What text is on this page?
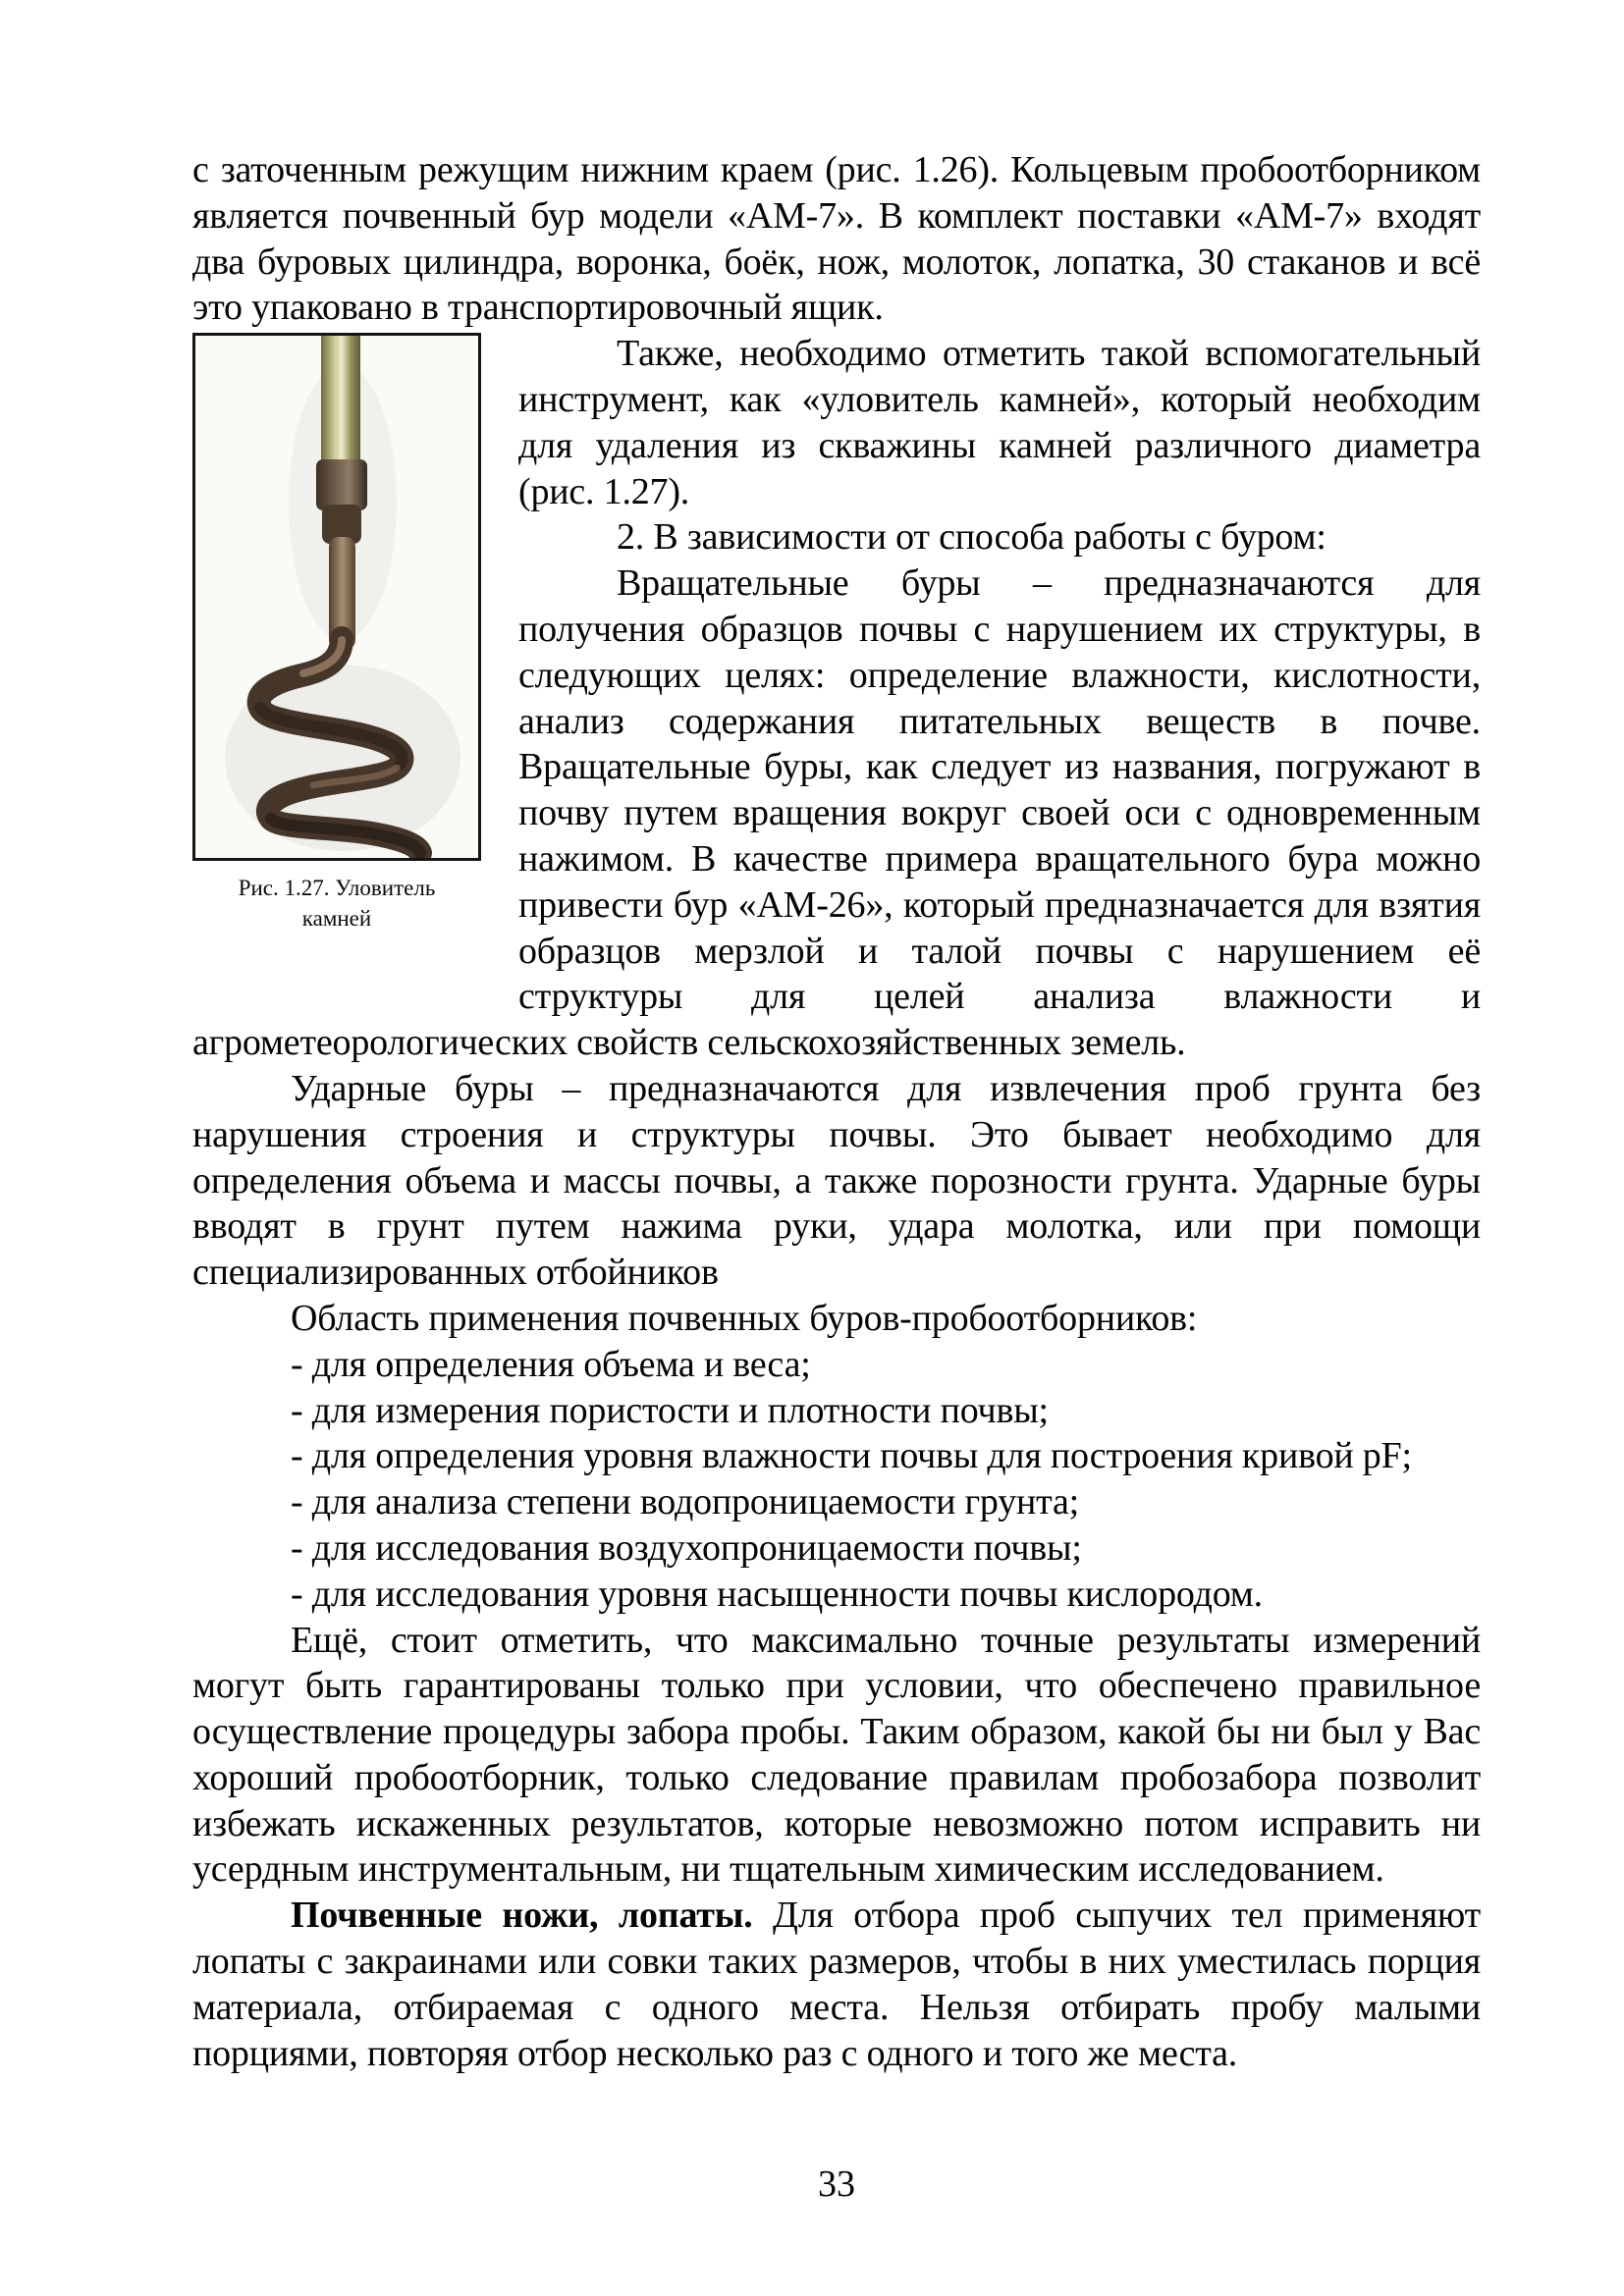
с заточенным режущим нижним краем (рис. 1.26). Кольцевым пробоотборником является почвенный бур модели «АМ-7». В комплект поставки «АМ-7» входят два буровых цилиндра, воронка, боёк, нож, молоток, лопатка, 30 стаканов и всё это упаковано в транспортировочный ящик.

Рис. 1.27. Уловитель
камней

Также, необходимо отметить такой вспомогательный инструмент, как «уловитель камней», который необходим для удаления из скважины камней различного диаметра (рис. 1.27).

2. В зависимости от способа работы с буром:

Вращательные буры – предназначаются для получения образцов почвы с нарушением их структуры, в следующих целях: определение влажности, кислотности, анализ содержания питательных веществ в почве. Вращательные буры, как следует из названия, погружают в почву путем вращения вокруг своей оси с одновременным нажимом. В качестве примера вращательного бура можно привести бур «АМ-26», который предназначается для взятия образцов мерзлой и талой почвы с нарушением её структуры для целей анализа влажности и агрометеорологических свойств сельскохозяйственных земель.

Ударные буры – предназначаются для извлечения проб грунта без нарушения строения и структуры почвы. Это бывает необходимо для определения объема и массы почвы, а также порозности грунта. Ударные буры вводят в грунт путем нажима руки, удара молотка, или при помощи специализированных отбойников

Область применения почвенных буров-пробоотборников:

- для определения объема и веса;

- для измерения пористости и плотности почвы;

- для определения уровня влажности почвы для построения кривой pF;

- для анализа степени водопроницаемости грунта;

- для исследования воздухопроницаемости почвы;

- для исследования уровня насыщенности почвы кислородом.

Ещё, стоит отметить, что максимально точные результаты измерений могут быть гарантированы только при условии, что обеспечено правильное осуществление процедуры забора пробы. Таким образом, какой бы ни был у Вас хороший пробоотборник, только следование правилам пробозабора позволит избежать искаженных результатов, которые невозможно потом исправить ни усердным инструментальным, ни тщательным химическим исследованием.

Почвенные ножи, лопаты. Для отбора проб сыпучих тел применяют лопаты с закраинами или совки таких размеров, чтобы в них уместилась порция материала, отбираемая с одного места. Нельзя отбирать пробу малыми порциями, повторяя отбор несколько раз с одного и того же места.

33
